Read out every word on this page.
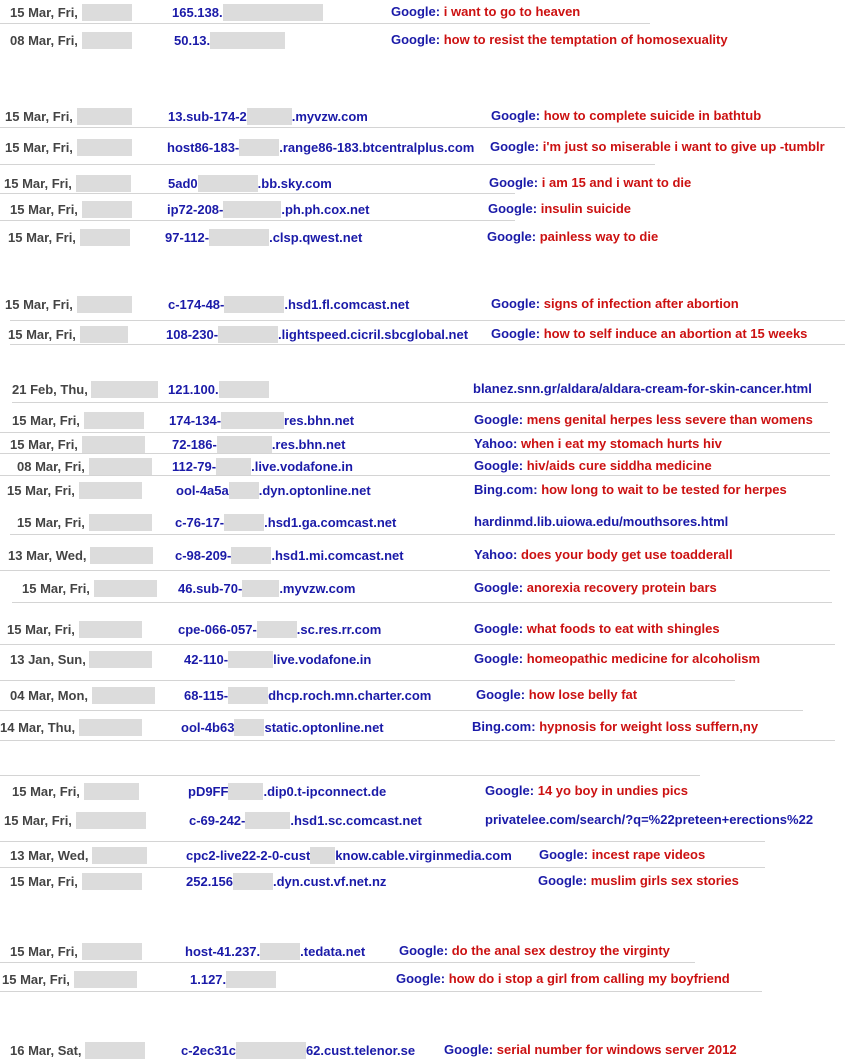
15 Mar, Fri,	165.138.	Google: i want to go to heaven
08 Mar, Fri,	50.13.	Google: how to resist the temptation of homosexuality
15 Mar, Fri,	13.sub-174-2	.myvzw.com	Google: how to complete suicide in bathtub
15 Mar, Fri,	host86-183-	.range86-183.btcentralplus.com Google: i'm just so miserable i want to give up -tumblr
15 Mar, Fri,	5ad0	.bb.sky.com	Google: i am 15 and i want to die
15 Mar, Fri,	ip72-208-	.ph.ph.cox.net	Google: insulin suicide
15 Mar, Fri,	97-112-	.clsp.qwest.net	Google: painless way to die
15 Mar, Fri,	c-174-48-	.hsd1.fl.comcast.net	Google: signs of infection after abortion
15 Mar, Fri,	108-230-	.lightspeed.cicril.sbcglobal.net Google: how to self induce an abortion at 15 weeks
21 Feb, Thu,	121.100.	blanez.snn.gr/aldara/aldara-cream-for-skin-cancer.html
15 Mar, Fri,	174-134-	res.bhn.net	Google: mens genital herpes less severe than womens
15 Mar, Fri,	72-186-	.res.bhn.net	Yahoo: when i eat my stomach hurts hiv
08 Mar, Fri,	112-79-	.live.vodafone.in	Google: hiv/aids cure siddha medicine
15 Mar, Fri,	ool-4a5a .dyn.optonline.net	Bing.com: how long to wait to be tested for herpes
15 Mar, Fri,	c-76-17-	.hsd1.ga.comcast.net	hardinmd.lib.uiowa.edu/mouthsores.html
13 Mar, Wed,	c-98-209-	.hsd1.mi.comcast.net	Yahoo: does your body get use toadderall
15 Mar, Fri,	46.sub-70-	.myvzw.com	Google: anorexia recovery protein bars
15 Mar, Fri,	cpe-066-057-	.sc.res.rr.com	Google: what foods to eat with shingles
13 Jan, Sun,	42-110-	live.vodafone.in	Google: homeopathic medicine for alcoholism
04 Mar, Mon,	68-115-	dhcp.roch.mn.charter.com	Google: how lose belly fat
14 Mar, Thu,	ool-4b63 static.optonline.net	Bing.com: hypnosis for weight loss suffern,ny
15 Mar, Fri,	pD9FF	.dip0.t-ipconnect.de	Google: 14 yo boy in undies pics
15 Mar, Fri,	c-69-242-	.hsd1.sc.comcast.net	privatelee.com/search/?q=%22preteen+erections%22
13 Mar, Wed,	cpc2-live22-2-0-cust know.cable.virginmedia.com Google: incest rape videos
15 Mar, Fri,	252.156	.dyn.cust.vf.net.nz	Google: muslim girls sex stories
15 Mar, Fri,	host-41.237.	.tedata.net	Google: do the anal sex destroy the virginty
15 Mar, Fri,	1.127.	Google: how do i stop a girl from calling my boyfriend
16 Mar, Sat,	c-2ec31c	62.cust.telenor.se Google: serial number for windows server 2012
